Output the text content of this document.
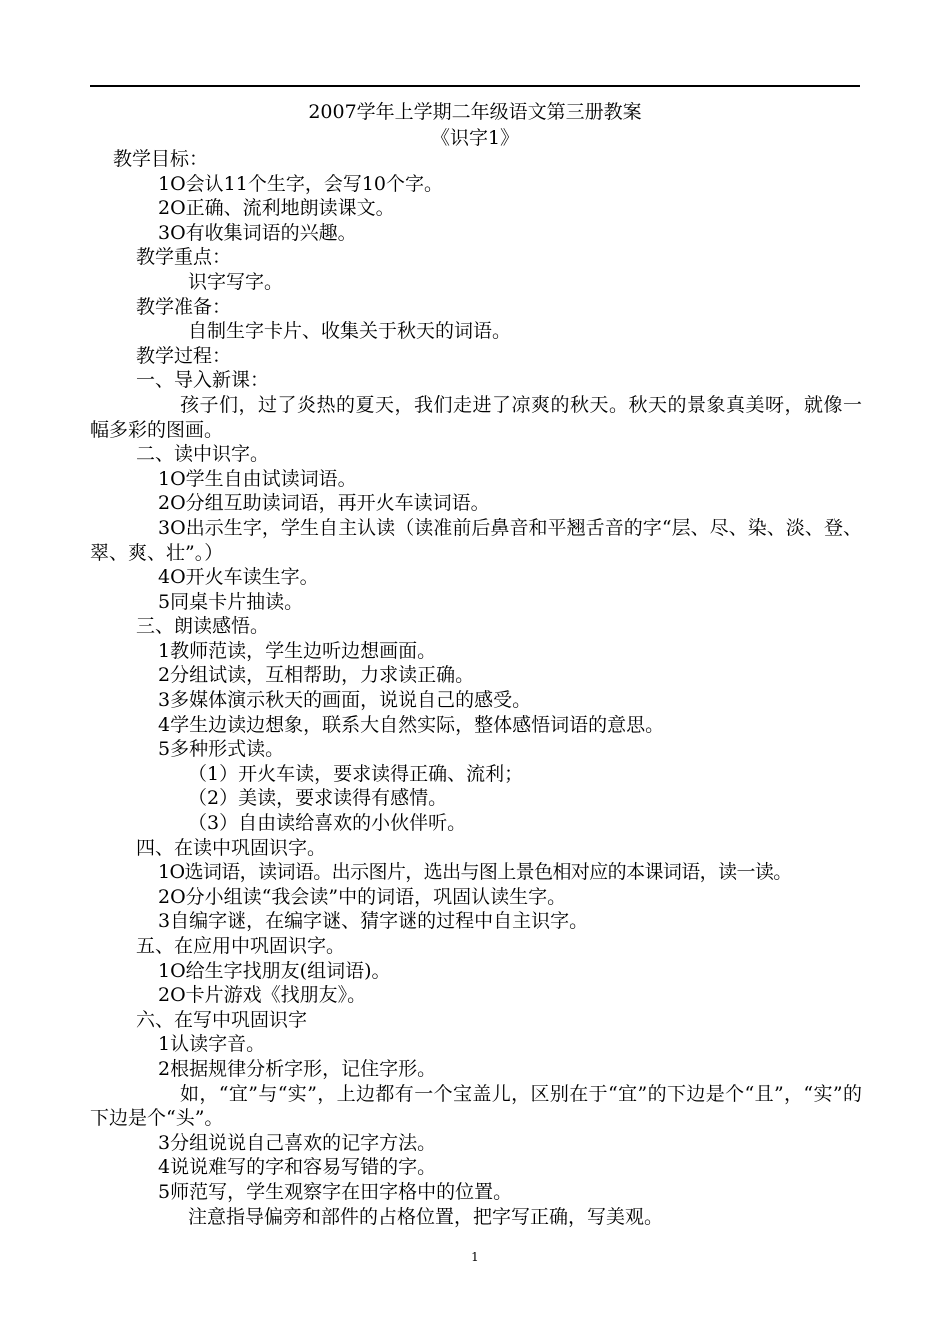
2007学年上学期二年级语文第三册教案
《识字1》
教学目标：
1O会认11个生字，会写10个字。
2O正确、流利地朗读课文。
3O有收集词语的兴趣。
教学重点：
识字写字。
教学准备：
自制生字卡片、收集关于秋天的词语。
教学过程：
一、导入新课：
孩子们，过了炎热的夏天，我们走进了凉爽的秋天。秋天的景象真美呀，就像一幅多彩的图画。
二、读中识字。
1O学生自由试读词语。
2O分组互助读词语，再开火车读词语。
3O出示生字，学生自主认读（读准前后鼻音和平翘舌音的字“层、尽、染、淡、登、翠、爽、壮”。）
4O开火车读生字。
5同桌卡片抽读。
三、朗读感悟。
1教师范读，学生边听边想画面。
2分组试读，互相帮助，力求读正确。
3多媒体演示秋天的画面，说说自己的感受。
4学生边读边想象，联系大自然实际，整体感悟词语的意思。
5多种形式读。
（1）开火车读，要求读得正确、流利；
（2）美读，要求读得有感情。
（3）自由读给喜欢的小伙伴听。
四、在读中巩固识字。
1O选词语，读词语。出示图片，选出与图上景色相对应的本课词语，读一读。
2O分小组读“我会读”中的词语，巩固认读生字。
3自编字谜，在编字谜、猜字谜的过程中自主识字。
五、在应用中巩固识字。
1O给生字找朋友(组词语)。
2O卡片游戏《找朋友》。
六、在写中巩固识字
1认读字音。
2根据规律分析字形，记住字形。
如，“宜”与“实”，上边都有一个宝盖儿，区别在于“宜”的下边是个“且”，“实”的下边是个“头”。
3分组说说自己喜欢的记字方法。
4说说难写的字和容易写错的字。
5师范写，学生观察字在田字格中的位置。
注意指导偏旁和部件的占格位置，把字写正确，写美观。
1
